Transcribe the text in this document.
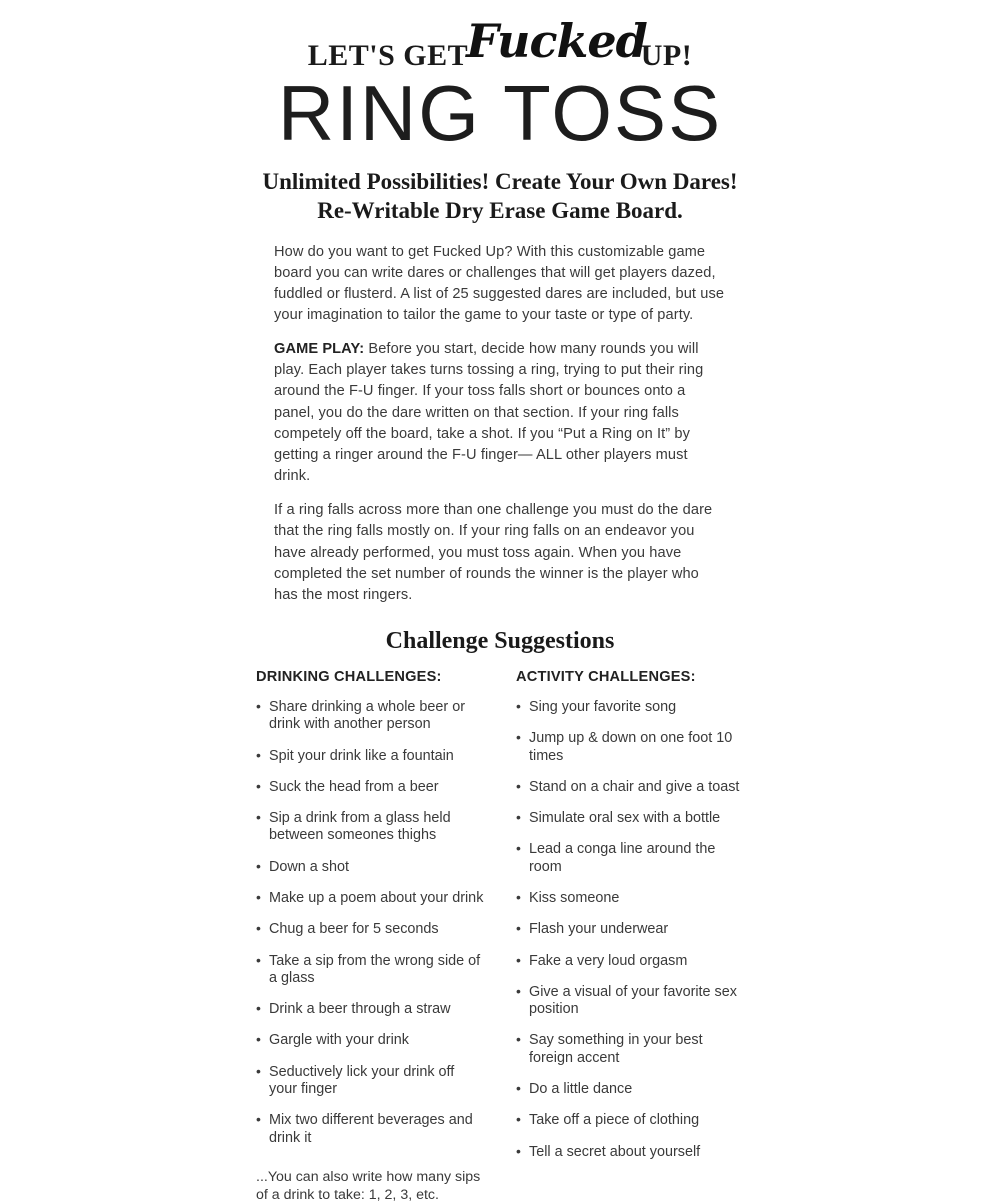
LET'S GETFuckedUP!
RING TOSS
Unlimited Possibilities! Create Your Own Dares!
Re-Writable Dry Erase Game Board.

How do you want to get Fucked Up? With this customizable game board you can write dares or challenges that will get players dazed, fuddled or flusterd. A list of 25 suggested dares are included, but use your imagination to tailor the game to your taste or type of party.

GAME PLAY: Before you start, decide how many rounds you will play. Each player takes turns tossing a ring, trying to put their ring around the F-U finger. If your toss falls short or bounces onto a panel, you do the dare written on that section. If your ring falls competely off the board, take a shot. If you “Put a Ring on It” by getting a ringer around the F-U finger— ALL other players must drink.

If a ring falls across more than one challenge you must do the dare that the ring falls mostly on. If your ring falls on an endeavor you have already performed, you must toss again. When you have completed the set number of rounds the winner is the player who has the most ringers.

Challenge Suggestions
DRINKING CHALLENGES:
• Share drinking a whole beer or drink with another person
• Spit your drink like a fountain
• Suck the head from a beer
• Sip a drink from a glass held between someones thighs
• Down a shot
• Make up a poem about your drink
• Chug a beer for 5 seconds
• Take a sip from the wrong side of a glass
• Drink a beer through a straw
• Gargle with your drink
• Seductively lick your drink off your finger
• Mix two different beverages and drink it
...You can also write how many sips of a drink to take: 1, 2, 3, etc.
ACTIVITY CHALLENGES:
• Sing your favorite song
• Jump up & down on one foot 10 times
• Stand on a chair and give a toast
• Simulate oral sex with a bottle
• Lead a conga line around the room
• Kiss someone
• Flash your underwear
• Fake a very loud orgasm
• Give a visual of your favorite sex position
• Say something in your best foreign accent
• Do a little dance
• Take off a piece of clothing
• Tell a secret about yourself
